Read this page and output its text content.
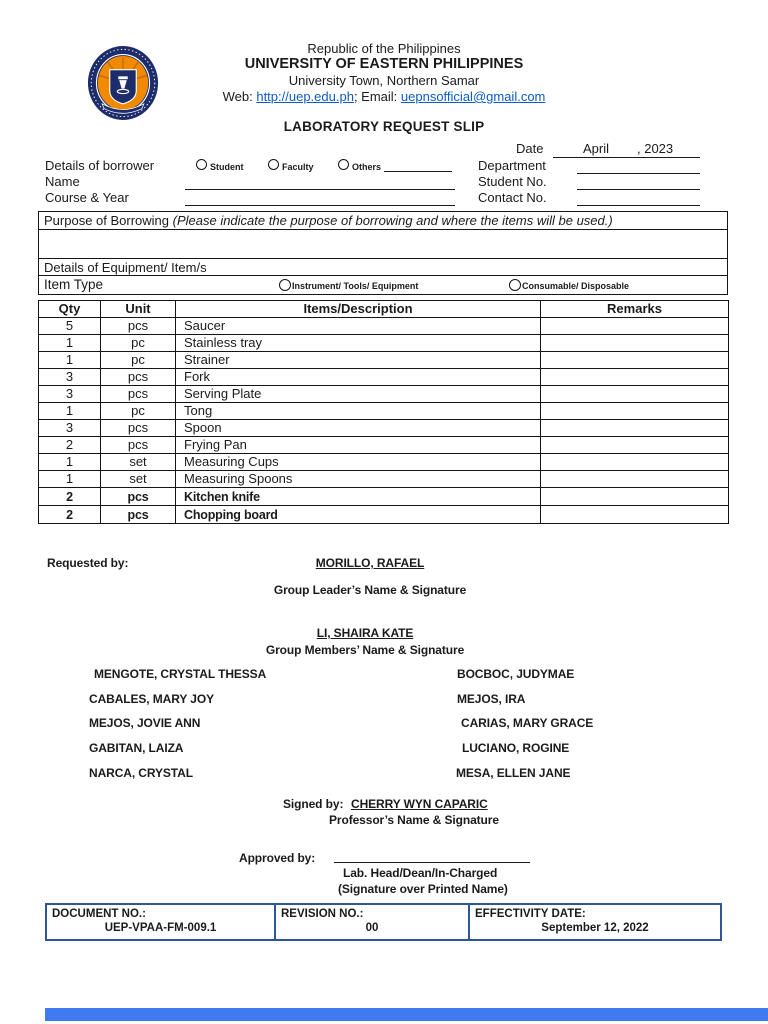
Republic of the Philippines
UNIVERSITY OF EASTERN PHILIPPINES
University Town, Northern Samar
Web: http://uep.edu.ph; Email: uepnsofficial@gmail.com
LABORATORY REQUEST SLIP
Date	April , 2023
Department
Student No.
Contact No.
Details of borrower	Student	Faculty	Others
Name
Course & Year
Purpose of Borrowing (Please indicate the purpose of borrowing and where the items will be used.)
Details of Equipment/ Item/s
Item Type	Instrument/ Tools/ Equipment	Consumable/ Disposable
Qty	Unit	Items/Description	Remarks
5	pcs	Saucer	
1	pc	Stainless tray	
1	pc	Strainer	
3	pcs	Fork	
3	pcs	Serving Plate	
1	pc	Tong	
3	pcs	Spoon	
2	pcs	Frying Pan	
1	set	Measuring Cups	
1	set	Measuring Spoons	
2	pcs	Kitchen knife	
2	pcs	Chopping board	
Requested by:	MORILLO, RAFAEL
Group Leader’s Name & Signature
LI, SHAIRA KATE
Group Members’ Name & Signature
MENGOTE, CRYSTAL THESSA
CABALES, MARY JOY
MEJOS, JOVIE ANN
GABITAN, LAIZA
NARCA, CRYSTAL
BOCBOC, JUDYMAE
MEJOS, IRA
CARIAS, MARY GRACE
LUCIANO, ROGINE
MESA, ELLEN JANE
Signed by: CHERRY WYN CAPARIC
Professor’s Name & Signature
Approved by:
Lab. Head/Dean/In-Charged
(Signature over Printed Name)
DOCUMENT NO.:
UEP-VPAA-FM-009.1

REVISION NO.:
00

EFFECTIVITY DATE:
September 12, 2022
